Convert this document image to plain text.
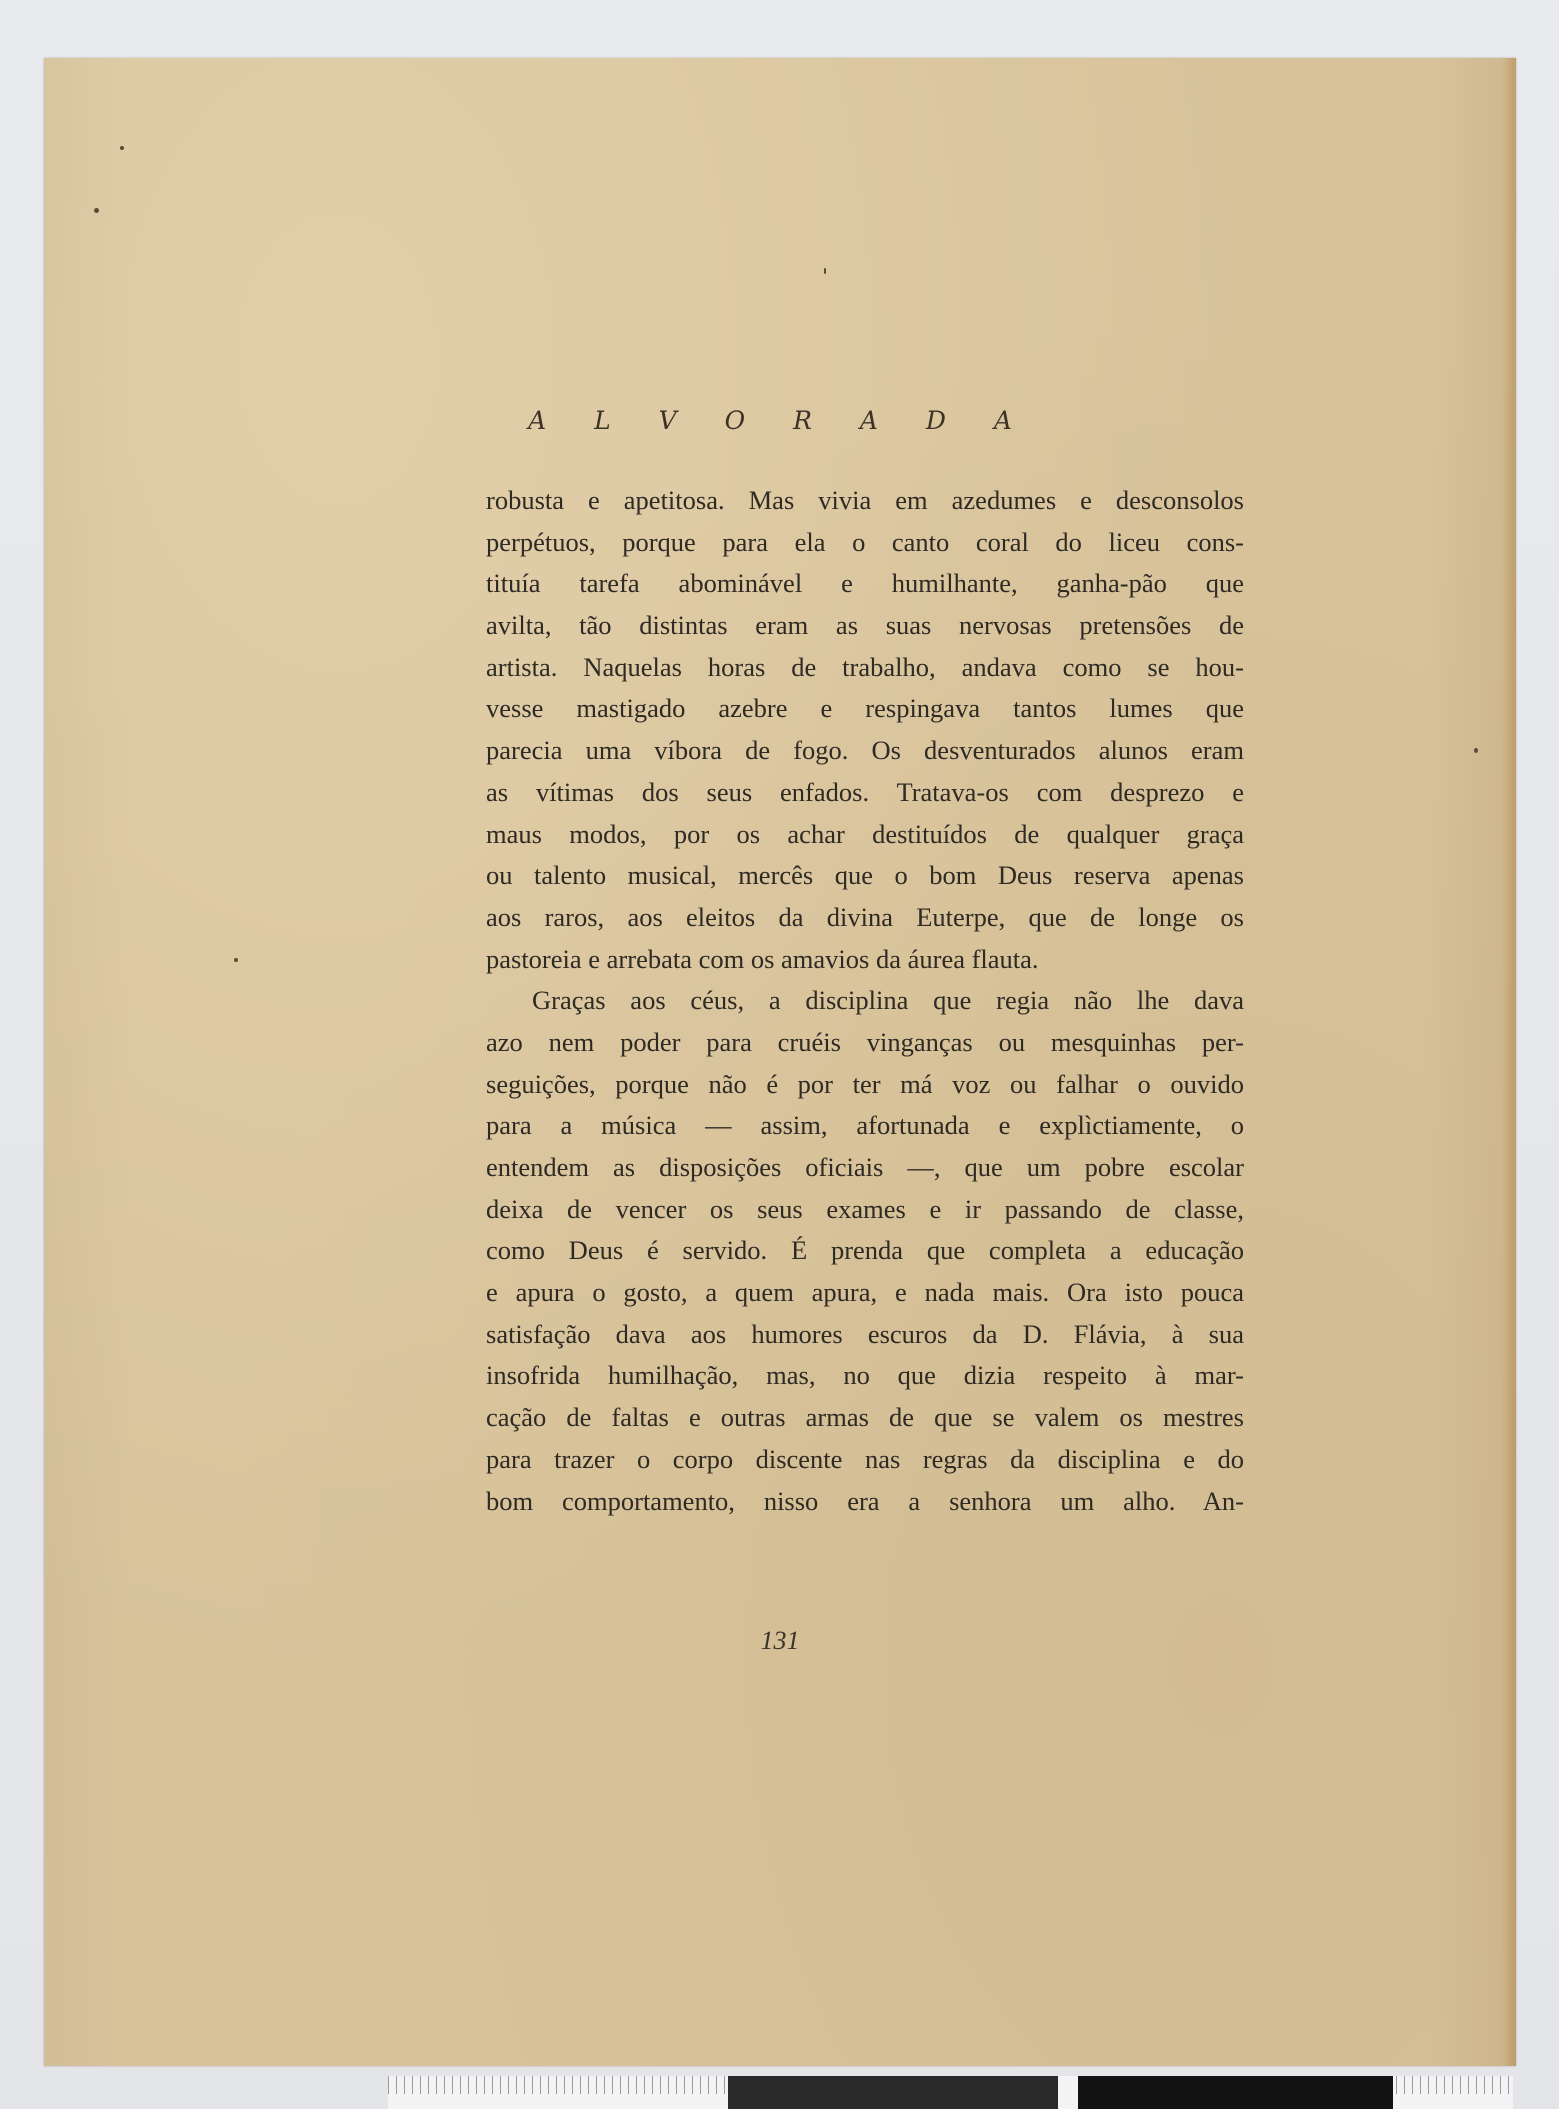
A L V O R A D A
robusta e apetitosa. Mas vivia em azedumes e desconsolos
perpétuos, porque para ela o canto coral do liceu cons-
tituía tarefa abominável e humilhante, ganha-pão que
avilta, tão distintas eram as suas nervosas pretensões de
artista. Naquelas horas de trabalho, andava como se hou-
vesse mastigado azebre e respingava tantos lumes que
parecia uma víbora de fogo. Os desventurados alunos eram
as vítimas dos seus enfados. Tratava-os com desprezo e
maus modos, por os achar destituídos de qualquer graça
ou talento musical, mercês que o bom Deus reserva apenas
aos raros, aos eleitos da divina Euterpe, que de longe os
pastoreia e arrebata com os amavios da áurea flauta.
Graças aos céus, a disciplina que regia não lhe dava
azo nem poder para cruéis vinganças ou mesquinhas per-
seguições, porque não é por ter má voz ou falhar o ouvido
para a música — assim, afortunada e explìctiamente, o
entendem as disposições oficiais —, que um pobre escolar
deixa de vencer os seus exames e ir passando de classe,
como Deus é servido. É prenda que completa a educação
e apura o gosto, a quem apura, e nada mais. Ora isto pouca
satisfação dava aos humores escuros da D. Flávia, à sua
insofrida humilhação, mas, no que dizia respeito à mar-
cação de faltas e outras armas de que se valem os mestres
para trazer o corpo discente nas regras da disciplina e do
bom comportamento, nisso era a senhora um alho. An-
131
